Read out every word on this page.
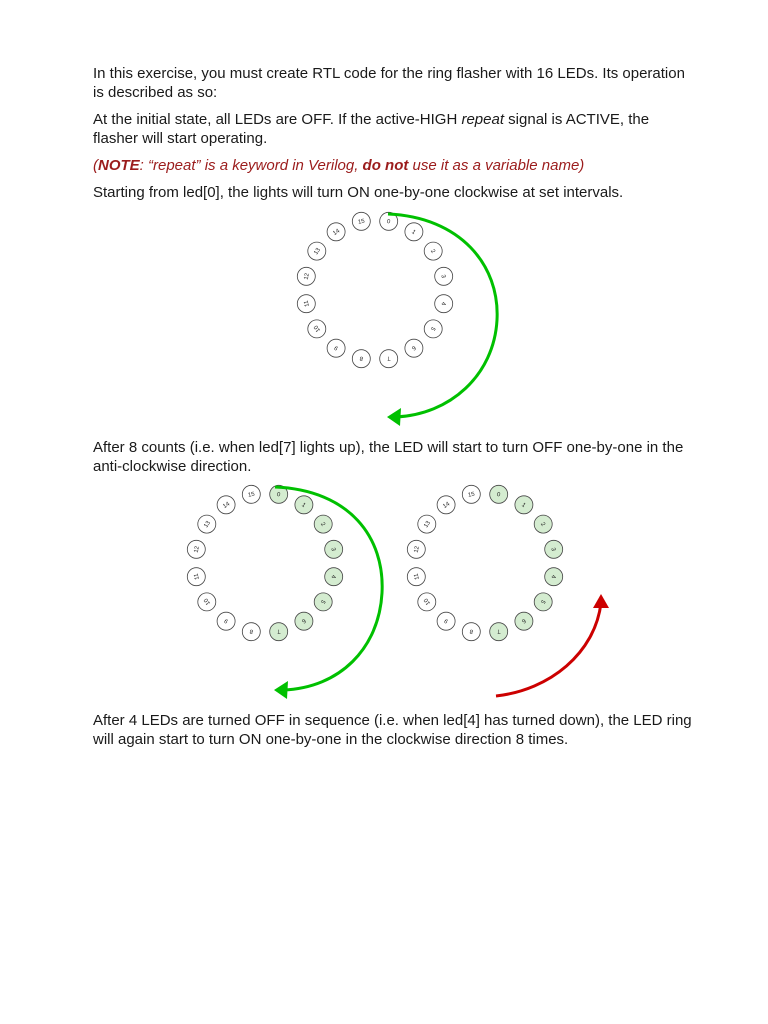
In this exercise, you must create RTL code for the ring flasher with 16 LEDs. Its operation is described as so:

At the initial state, all LEDs are OFF. If the active-HIGH repeat signal is ACTIVE, the flasher will start operating.

(NOTE: “repeat” is a keyword in Verilog, do not use it as a variable name)

Starting from led[0], the lights will turn ON one-by-one clockwise at set intervals.

After 8 counts (i.e. when led[7] lights up), the LED will start to turn OFF one-by-one in the anti-clockwise direction.

After 4 LEDs are turned OFF in sequence (i.e. when led[4] has turned down), the LED ring will again start to turn ON one-by-one in the clockwise direction 8 times.

0
1
2
3
4
5
6
7
8
9
10
11
12
13
14
15
0
1
2
3
4
5
6
7
8
9
10
11
12
13
14
15	0
1
2
3
4
5
6
7
8
9
10
11
12
13
14
15
